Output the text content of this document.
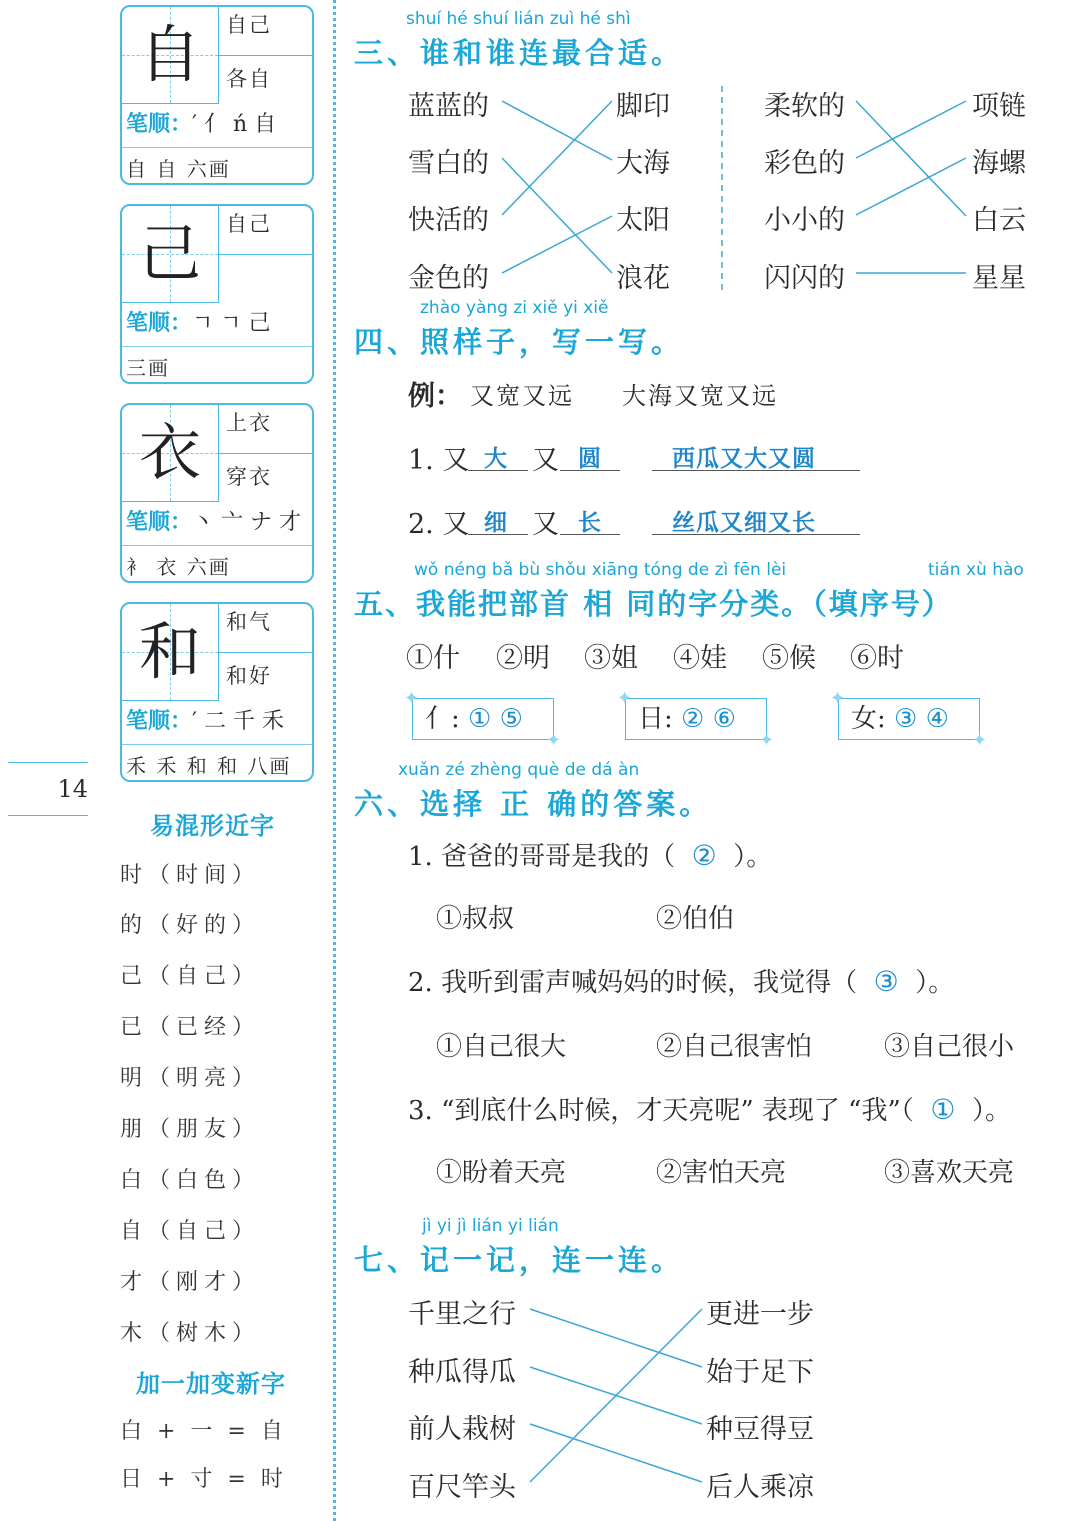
自	自己
各自
笔顺：′ 亻 ń 自
自 自 六画
己	自己
笔顺：ㄱ ㄱ 己
三画
衣	上衣
穿衣
笔顺：丶 亠 ナ 才
衤 衣 六画
和	和气
和好
笔顺：′ 二 千 禾
禾 禾 和 和 八画
14
易混形近字
时（时间）
的（好的）
己（自己）
已（已经）
明（明亮）
朋（朋友）
白（白色）
自（自己）
才（刚才）
木（树木）
加一加变新字
白 + 一 = 自
日 + 寸 = 时
shuí hé shuí lián zuì hé shì
三、谁和谁连最合适。
蓝蓝的
雪白的
快活的
金色的
脚印
大海
太阳
浪花
柔软的
彩色的
小小的
闪闪的
项链
海螺
白云
星星
zhào yàng zi xiě yi xiě
四、照样子，写一写。
例： 又宽又远 大海又宽又远
1. 又 大 又 圆	西瓜又大又圆
2. 又 细 又 长	丝瓜又细又长
wǒ néng bǎ bù shǒu xiāng tóng de zì fēn lèi	tián xù hào
五、我能把部首 相 同的字分类。（填序号）
①什 ②明 ③姐 ④娃 ⑤候 ⑥时
亻: ① ⑤
✦
✦
日: ② ⑥
✦
✦
女: ③ ④
✦
✦
xuǎn zé zhèng què de dá àn
六、选择 正 确的答案。
1. 爸爸的哥哥是我的（ ② ）。
①叔叔	②伯伯
2. 我听到雷声喊妈妈的时候，我觉得（ ③ ）。
①自己很大	②自己很害怕	③自己很小
3. “到底什么时候，才天亮呢” 表现了 “我”（ ① ）。
①盼着天亮	②害怕天亮	③喜欢天亮
jì yi jì lián yi lián
七、记一记，连一连。
千里之行
种瓜得瓜
前人栽树
百尺竿头
更进一步
始于足下
种豆得豆
后人乘凉
